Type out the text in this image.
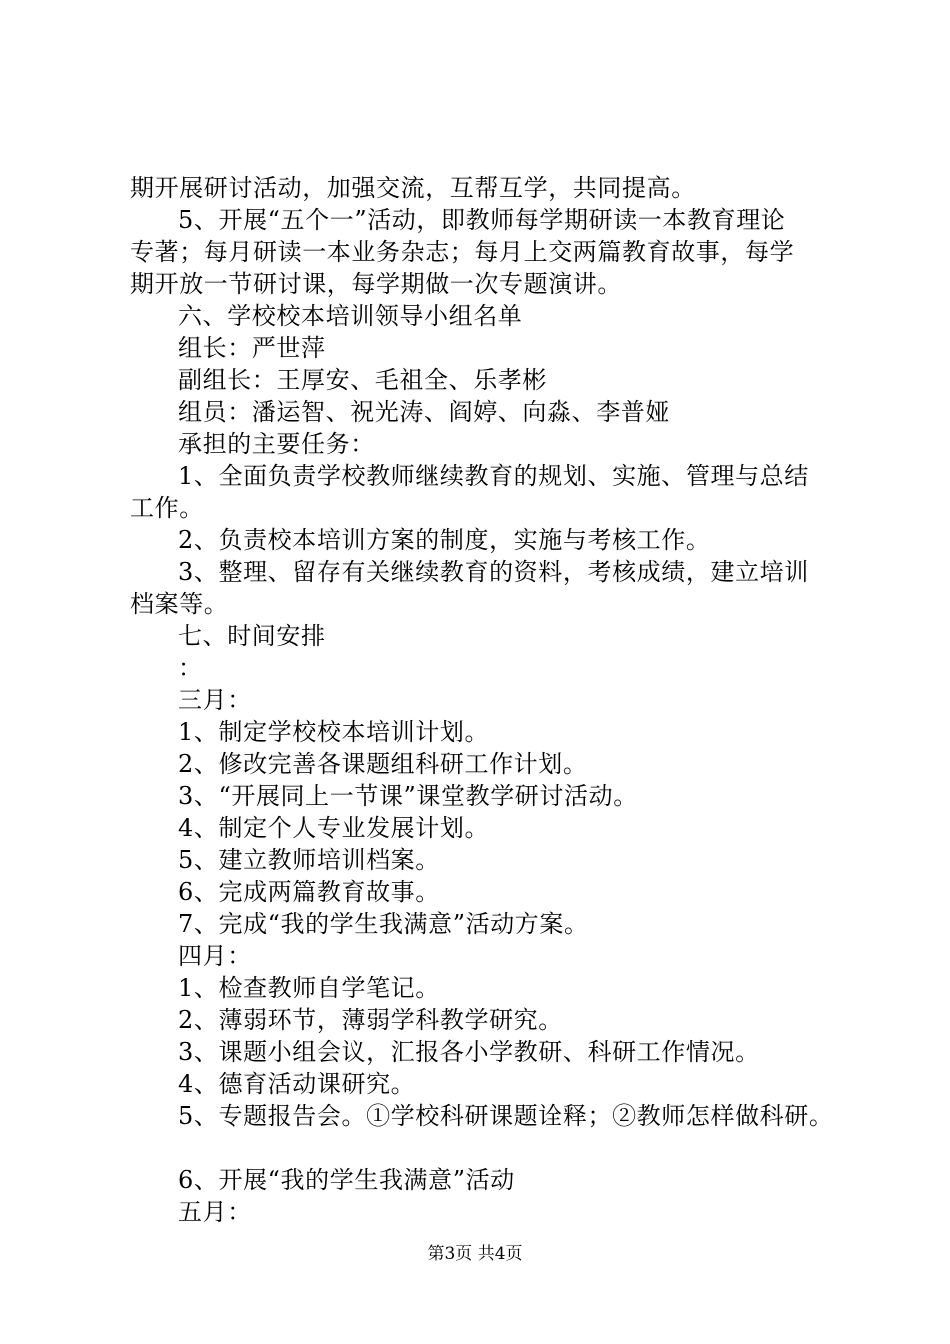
期开展研讨活动，加强交流，互帮互学，共同提高。
5、开展“五个一”活动，即教师每学期研读一本教育理论
专著；每月研读一本业务杂志；每月上交两篇教育故事，每学
期开放一节研讨课，每学期做一次专题演讲。
六、学校校本培训领导小组名单
组长：严世萍
副组长：王厚安、毛祖全、乐孝彬
组员：潘运智、祝光涛、阎婷、向淼、李普娅
承担的主要任务：
1、全面负责学校教师继续教育的规划、实施、管理与总结
工作。
2、负责校本培训方案的制度，实施与考核工作。
3、整理、留存有关继续教育的资料，考核成绩，建立培训
档案等。
七、时间安排
：
三月：
1、制定学校校本培训计划。
2、修改完善各课题组科研工作计划。
3、“开展同上一节课”课堂教学研讨活动。
4、制定个人专业发展计划。
5、建立教师培训档案。
6、完成两篇教育故事。
7、完成“我的学生我满意”活动方案。
四月：
1、检查教师自学笔记。
2、薄弱环节，薄弱学科教学研究。
3、课题小组会议，汇报各小学教研、科研工作情况。
4、德育活动课研究。
5、专题报告会。①学校科研课题诠释；②教师怎样做科研。
6、开展“我的学生我满意”活动
五月：
第3页 共4页
